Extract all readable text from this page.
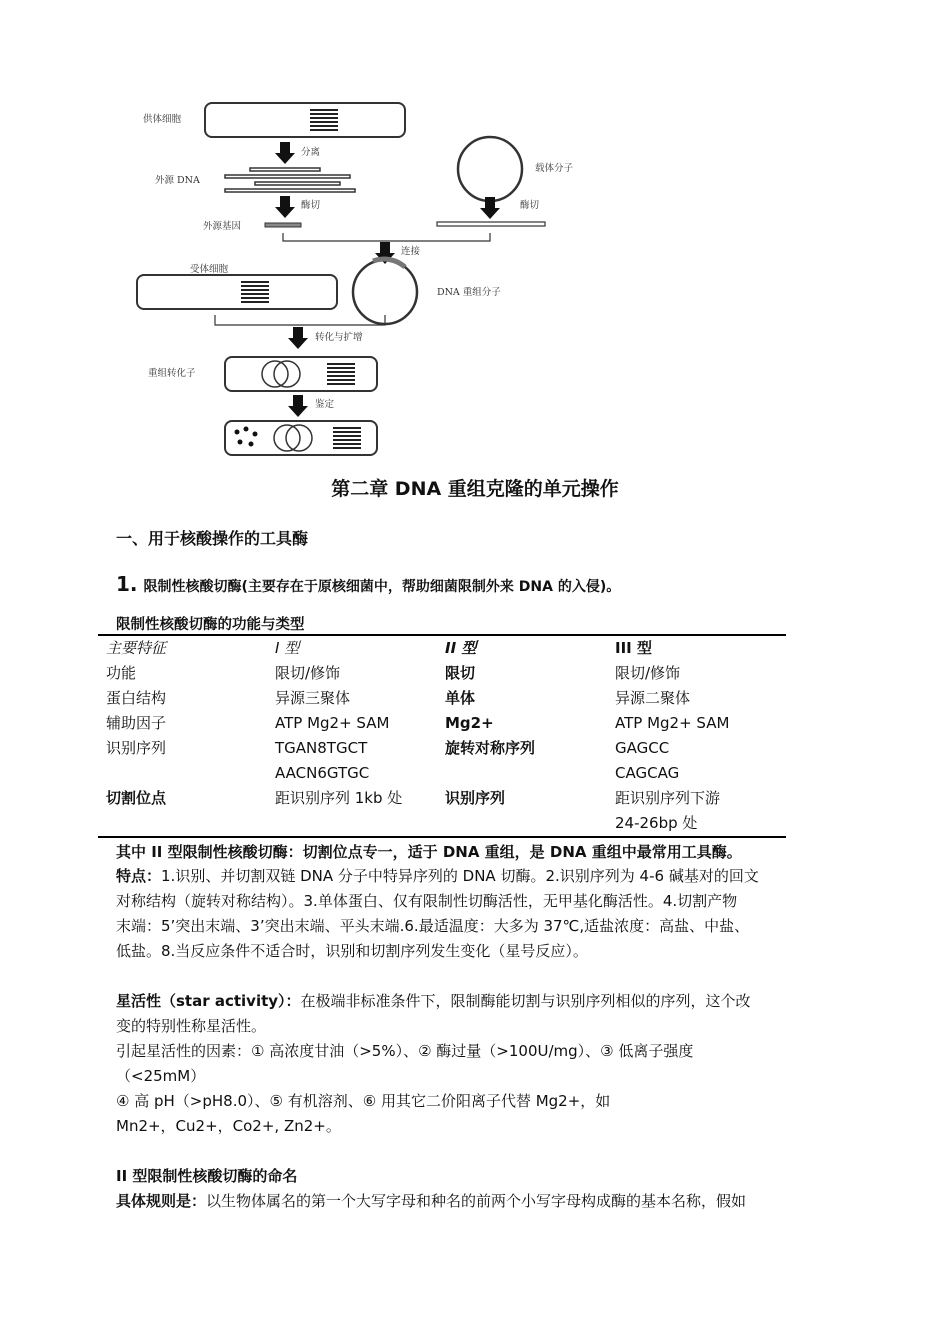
供体细胞
分离
外源 DNA
载体分子
酶切	酶切
外源基因
连接
受体细胞
DNA 重组分子
转化与扩增
重组转化子
鉴定
第二章 DNA 重组克隆的单元操作
一、用于核酸操作的工具酶
1. 限制性核酸切酶(主要存在于原核细菌中，帮助细菌限制外来 DNA 的入侵)。
限制性核酸切酶的功能与类型
主要特征	I 型	II 型	III 型
功能	限切/修饰	限切	限切/修饰
蛋白结构	异源三聚体	单体	异源二聚体
辅助因子	ATP Mg2+ SAM	Mg2+	ATP Mg2+ SAM
识别序列	TGAN8TGCT	旋转对称序列	GAGCC
	AACN6GTGC		CAGCAG
切割位点	距识别序列 1kb 处	识别序列	距识别序列下游
			24-26bp 处
其中 II 型限制性核酸切酶：切割位点专一，适于 DNA 重组，是 DNA 重组中最常用工具酶。
特点：1.识别、并切割双链 DNA 分子中特异序列的 DNA 切酶。2.识别序列为 4-6 碱基对的回文
对称结构（旋转对称结构）。3.单体蛋白、仅有限制性切酶活性，无甲基化酶活性。4.切割产物
末端：5’突出末端、3’突出末端、平头末端.6.最适温度：大多为 37℃,适盐浓度：高盐、中盐、
低盐。8.当反应条件不适合时，识别和切割序列发生变化（星号反应）。
星活性（star activity）：在极端非标准条件下，限制酶能切割与识别序列相似的序列，这个改
变的特别性称星活性。
引起星活性的因素：① 高浓度甘油（>5%）、② 酶过量（>100U/mg）、③ 低离子强度
（<25mM）
④ 高 pH（>pH8.0）、⑤ 有机溶剂、⑥ 用其它二价阳离子代替 Mg2+，如
Mn2+，Cu2+，Co2+, Zn2+。
II 型限制性核酸切酶的命名
具体规则是：以生物体属名的第一个大写字母和种名的前两个小写字母构成酶的基本名称，假如
